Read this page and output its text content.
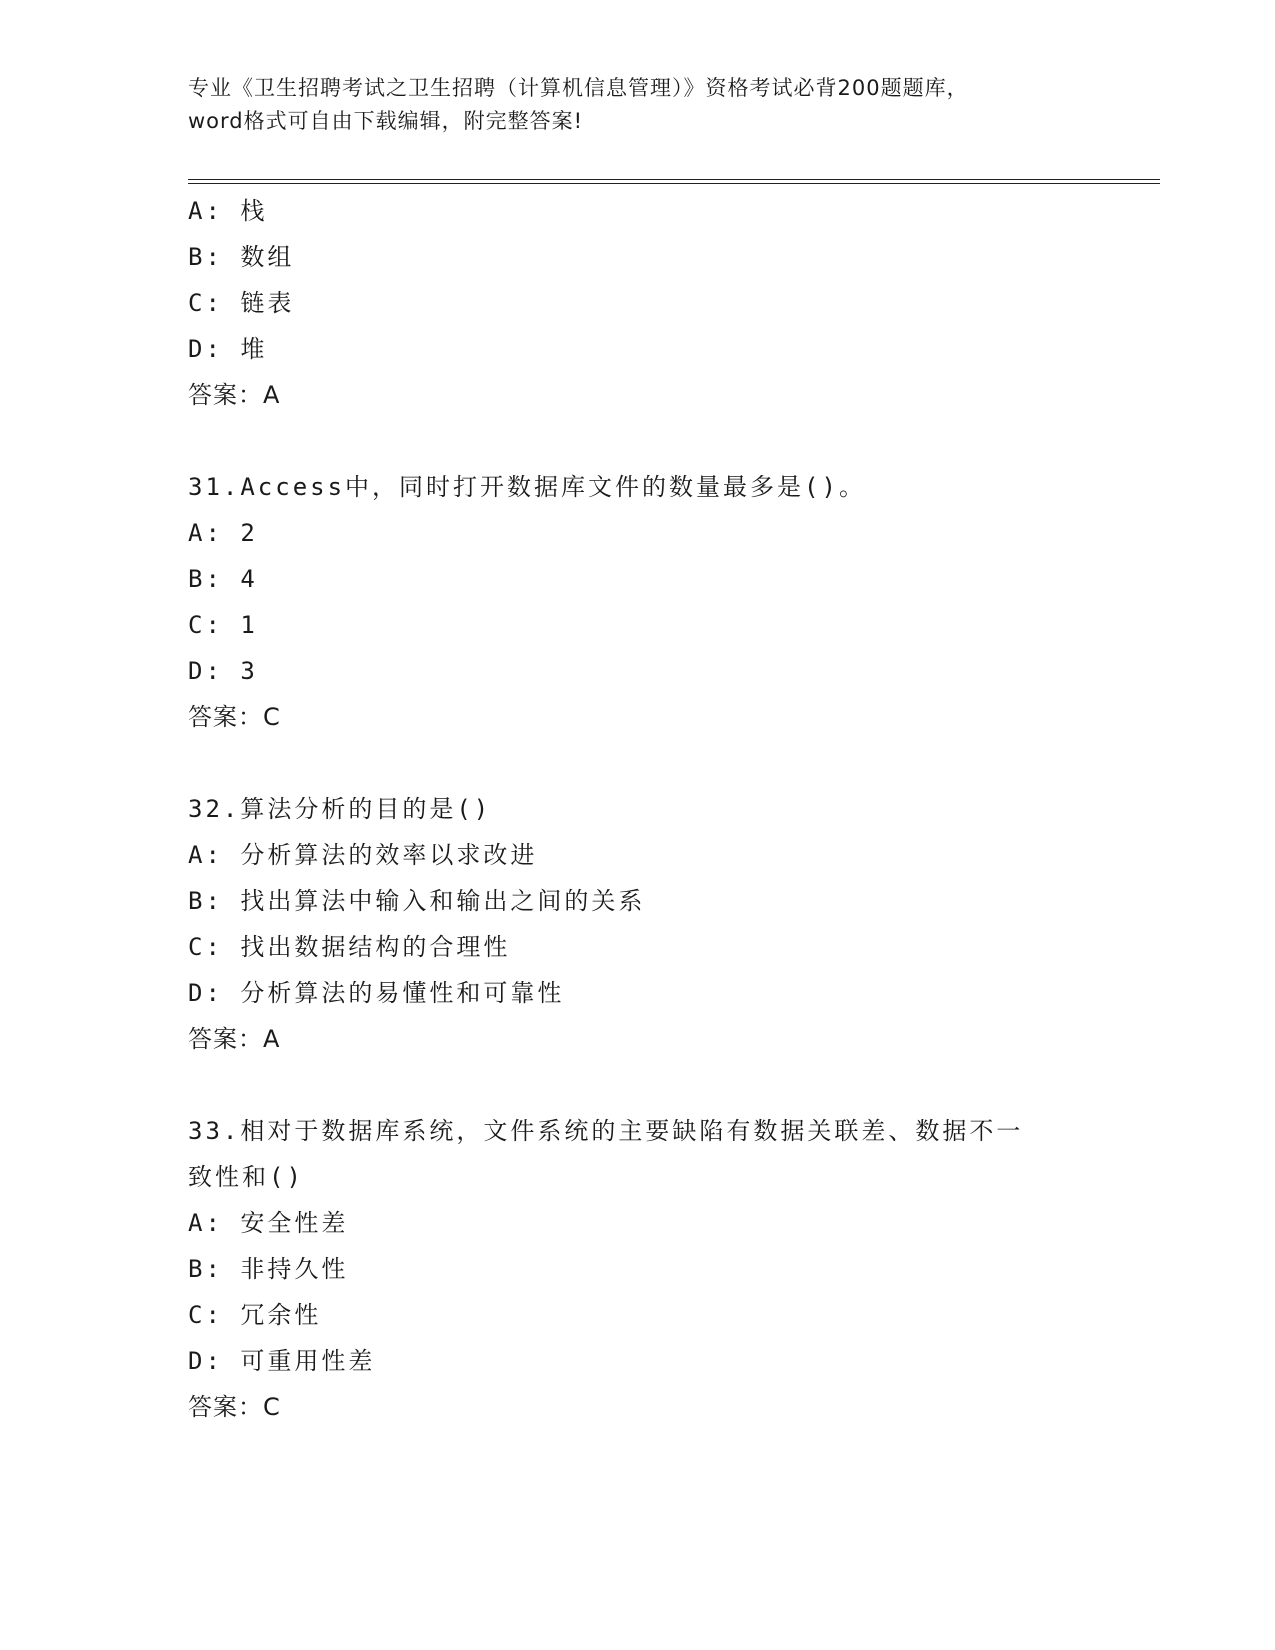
专业《卫生招聘考试之卫生招聘（计算机信息管理）》资格考试必背200题题库，
word格式可自由下载编辑，附完整答案!
A: 栈
B: 数组
C: 链表
D: 堆
答案：A
31.Access中，同时打开数据库文件的数量最多是()。
A: 2
B: 4
C: 1
D: 3
答案：C
32.算法分析的目的是()
A: 分析算法的效率以求改进
B: 找出算法中输入和输出之间的关系
C: 找出数据结构的合理性
D: 分析算法的易懂性和可靠性
答案：A
33.相对于数据库系统，文件系统的主要缺陷有数据关联差、数据不一
致性和()
A: 安全性差
B: 非持久性
C: 冗余性
D: 可重用性差
答案：C
